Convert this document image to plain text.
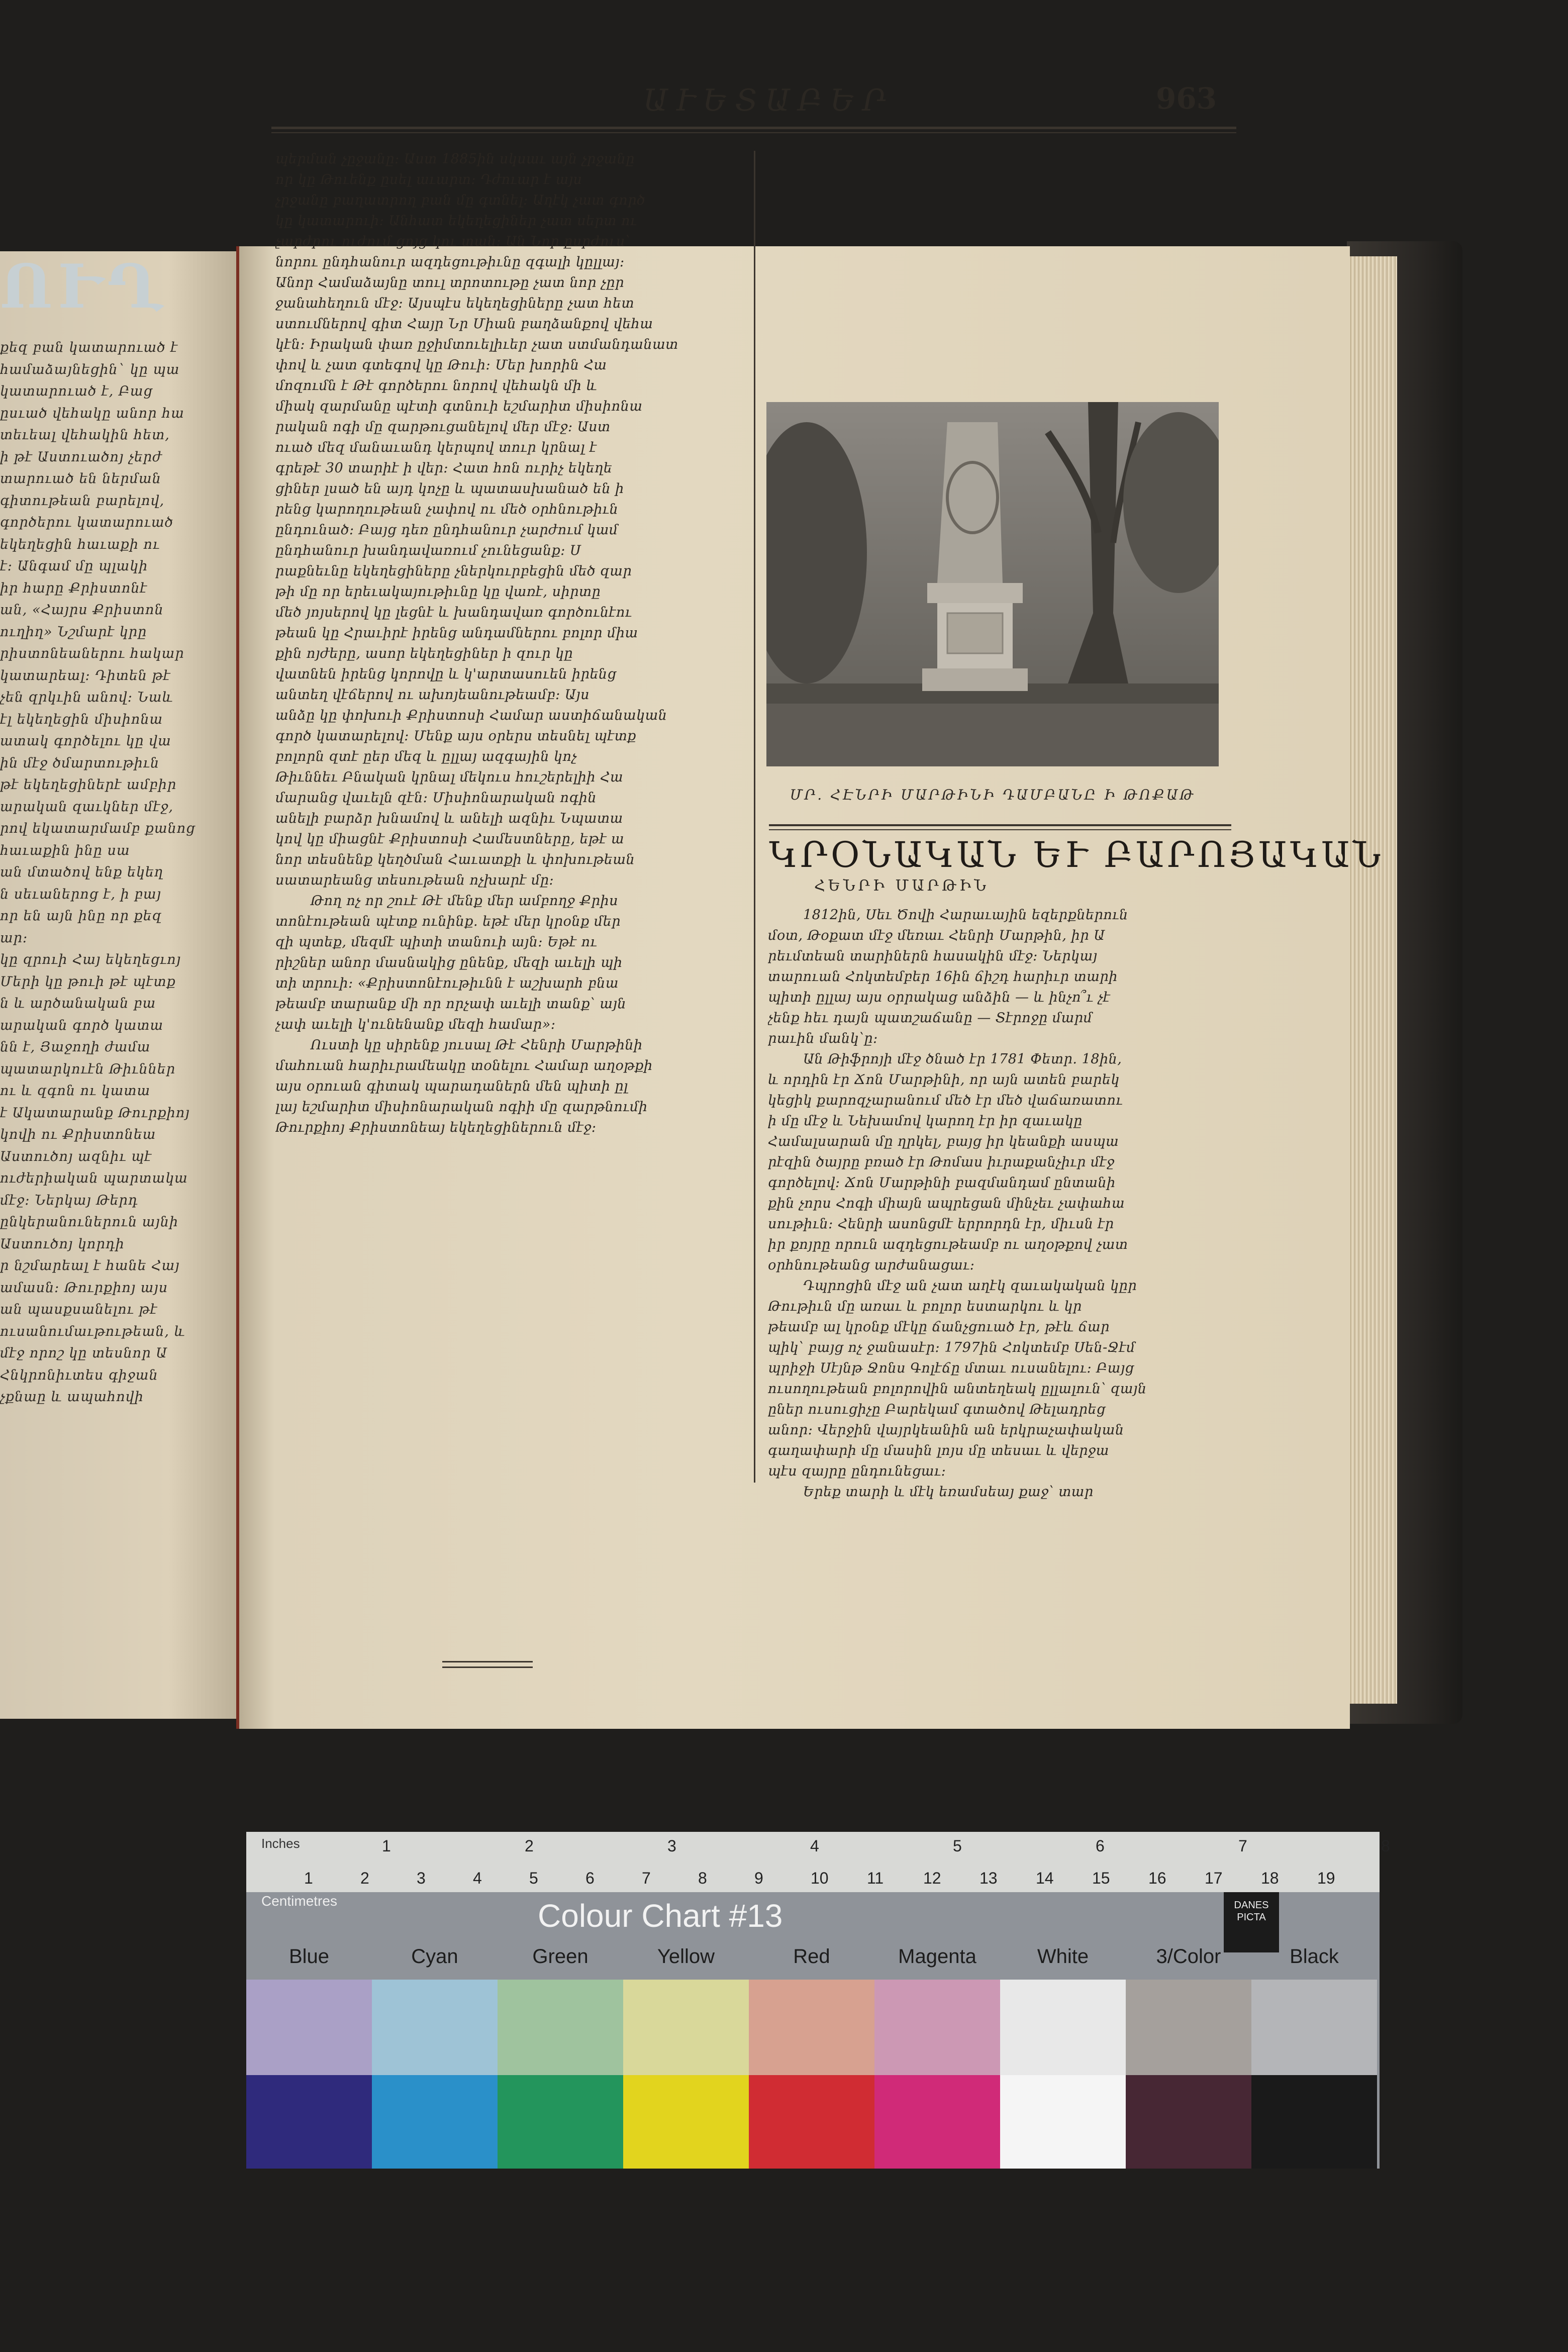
ՈՒՂ
քեզ բան կատարուած է
համաձայնեցին` կը պա
կատարուած է, Բաց
ըսւած վեհակը անոր հա
տեւեալ վեհակին հետ,
ի թէ Աստուածոյ չերժ
տարուած են ներման
գիտութեան բարելով,
գործերու կատարուած
եկեղեցին հաւաքի ու
է։ Անգամ մը պլակի
իր հարը Քրիստոնէ
ան, «Հայրս Քրիստոն
ուղիղ» Նշմարէ կրը
րիստոնեաներու հակար
կատարեալ։ Դիտեն թէ
չեն զրկւին անով։ Նաև
էլ եկեղեցին միսիոնա
ատակ գործելու կը վա
ին մէջ ծմարտութիւն
թէ եկեղեցիներէ ամբիր
արական զաւկներ մէջ,
րով եկատարմամբ քանոց
հաւաքին ինը սա
ան մտածով ենք եկեղ
ն սեւաներոց է, ի բայ
որ են այն ինը որ քեզ
ար։
կը զրուի Հայ եկեղեցւոյ
Մերի կը թուի թէ պէտք
ն և արծանական բա
արական գործ կատա
նն է, Յաջողի ժամա
պատարկուէն Թիւններ
ու և զգոն ու կատա
է Ակատարանք Թուրքիոյ
կովի ու Քրիստոնեա
Աստուծոյ ազնիւ պէ
ուժերիական պարտակա
մէջ։ Ներկայ Թերդ
ընկերանուներուն այնի
Աստուծոյ կորդի
ր նշմարեալ է հանե Հայ
ամասն։ Թուրքիոյ այս
ան պասքսանելու թէ
ուսանումաւթութեան, և
մէջ որոշ կը տեսնոր Ա
Հնկրոնիւտես գիջան
չքնաը և ապահովի
ԱՒԵՏԱԲԵՐ	963
պերման չըջանը։ Աստ 1885ին սկսաւ այն չրջանը
որ կը Թուենք ըսել աւարտ։ Դժուար է այս
չրջանը բաղատրող բան մը գտնել։ Աղէկ չատ գործ
կը կատարուի։ Անհատ եկեղեցիներ չատ սերտ ու
չարժրու ուժում ցոյց կու տան։ Ան Նոր ըսրժուս՝
նորու ընդհանուր ազդեցութիւնը զգալի կըլլայ։
Անոր Համաձայնը տուլ տրոտութը չատ նոր չըր
ջանահեղուն մէջ։ Այսպէս եկեղեցիները չատ հետ
ստումներով գիտ Հայր Նր Միան բաղձանքով վեհա
կէն։ Իրական փառ ըջիմտուելիւեր չատ ստմանդանատ
փով և չատ գտեգով կը Թուի։ Մեր խորին Հա
մոզումն է Թէ գործերու նորով վեհակն մի և
միակ զարմանը պէտի գտնուի եշմարիտ միսիոնա
րական ոգի մը զարթուցանելով մեր մէջ։ Աստ
ուած մեզ մանաւանդ կերպով տուր կրնալ է
գրեթէ 30 տարիէ ի վեր։ Հատ հոն ուրիչ եկեղե
ցիներ լսած են այդ կոչը և պատասխանած են ի
րենց կարողութեան չափով ու մեծ օրհնութիւն
ընդունած։ Բայց դեռ ընդհանուր չարժում կամ
ընդհանուր խանդավառում չունեցանք։ Ս
րաքնեւնը եկեղեցիները չներկուրբեցին մեծ զար
թի մը որ երեւակայութիւնը կը վառէ, սիրտը
մեծ յոյսերով կը լեցնէ և խանդավառ գործունէու
թեան կը Հրաւիրէ իրենց անդամներու բոլոր միա
քին ոյժերը, ասոր եկեղեցիներ ի զուր կը
վատնեն իրենց կորովը և կ'արտասուեն իրենց
անտեղ վէճերով ու ախոյեանութեամբ։ Այս
անձը կը փոխուի Քրիստոսի Համար աստիճանական
գործ կատարելով։ Մենք այս օրերս տեսնել պէտք
բոլորն զտէ ըեր մեզ և ըլլայ ազգային կոչ
Թիւննեւ Բնական կրնալ մեկուս հուշերելիի Հա
մարանց վաւելն զէն։ Միսիոնարական ոգին
անելի բարձր խնամով և անելի ազնիւ Նպատա
կով կը միացնէ Քրիստոսի Համեստները, եթէ ա
նոր տեսնենք կեղծման Հաւատքի և փոխութեան
սատարեանց տեսութեան ոչխարէ մը։
Թող ոչ որ շուէ Թէ մենք մեր ամբողջ Քրիս
տոնէութեան պէտք ունինք. եթէ մեր կրօնք մեր
զի պտեք, մեզմէ պիտի տանուի այն։ Եթէ ու
րիշներ անոր մասնակից ընենք, մեզի աւելի պի
տի տրուի։ «Քրիստոնէութիւնն է աշխարհ բնա
թեամբ տարանք մի որ որչափ աւելի տանք՝ այն
չափ աւելի կ'ունենանք մեզի համար»։
Ուստի կը սիրենք յուսալ Թէ Հենրի Մարթինի
մահուան հարիւրամեակը տօնելու Համար աղօթքի
այս օրուան գիտակ պարադաներն մեն պիտի ըլ
լայ եշմարիտ միսիոնարական ոգիի մը զարթնումի
Թուրքիոյ Քրիստոնեայ եկեղեցիներուն մէջ։
ՄՐ. ՀԷՆՐԻ ՄԱՐԹԻՆԻ ԴԱՄԲԱՆԸ Ի ԹՈՔԱԹ
ԿՐՕՆԱԿԱՆ ԵՒ ԲԱՐՈՅԱԿԱՆ
ՀԵՆՐԻ ՄԱՐԹԻՆ
1812ին, Սեւ Ծովի Հարաւային եզերքներուն
մօտ, Թօքատ մէջ մեռաւ Հենրի Մարթին, իր Ա
րեւմտեան տարիներն հասակին մէջ։ Ներկայ
տարուան Հոկտեմբեր 16ին ճիշդ հարիւր տարի
պիտի ըլլայ այս օրրակաց անձին — և ինչո՞ւ չէ
չենք հեւ դայն պատշաճանը — Տէրոջը մարմ
րաւին մանկ՝ը։
Ան Թիֆրոյի մէջ ծնած էր 1781 Փետր. 18ին,
և որդին էր Ճոն Մարթինի, որ այն ատեն բարեկ
կեցիկ քարոզչարանում մեծ էր մեծ վաճառատու
ի մը մէջ և Նեխամով կարող էր իր զաւակը
Համալսարան մը ղրկել, բայց իր կեանքի ասպա
րէզին ծայրը բռած էր Թոմաս իւրաքանչիւր մէջ
գործելով։ Ճոն Մարթինի բազմանդամ ընտանի
քին չորս Հոգի միայն ապրեցան մինչեւ չափահա
սութիւն։ Հենրի ասոնցմէ երրորդն էր, միւսն էր
իր քոյրը որուն ազդեցութեամբ ու աղօթքով չատ
օրհնութեանց արժանացաւ։
Դպրոցին մէջ ան չատ աղէկ զաւակական կըր
Թութիւն մը առաւ և բոլոր եստարկու և կր
թեամբ ալ կրօնք մէկը ճանչցուած էր, թէև ճար
պիկ՝ բայց ոչ ջանասէր։ 1797ին Հոկտեմբ Սեն-Ջէմ
պրիջի Սէյնթ Ջոնս Գոլէճը մտաւ ուսանելու։ Բայց
ուսողութեան բոլորովին անտեղեակ ըլլալուն՝ զայն
ըներ ուսուցիչը Բարեկամ գտածով Թելադրեց
անոր։ Վերջին վայրկեանին ան երկրաչափական
գաղափարի մը մասին լոյս մը տեսաւ և վերջա
պէս զայրը ընդունեցաւ։
Երեք տարի և մէկ եռամսեայ քաջ՝ տար
Inches	1	2	3	4	5	6	7	8
1	2	3	4	5	6	7	8	9	10 11 12 13 14 15 16 17 18 19
Centimetres	Colour Chart #13	DANES PICTA
Blue	Cyan	Green	Yellow	Red	Magenta	White	3/Color	Black
